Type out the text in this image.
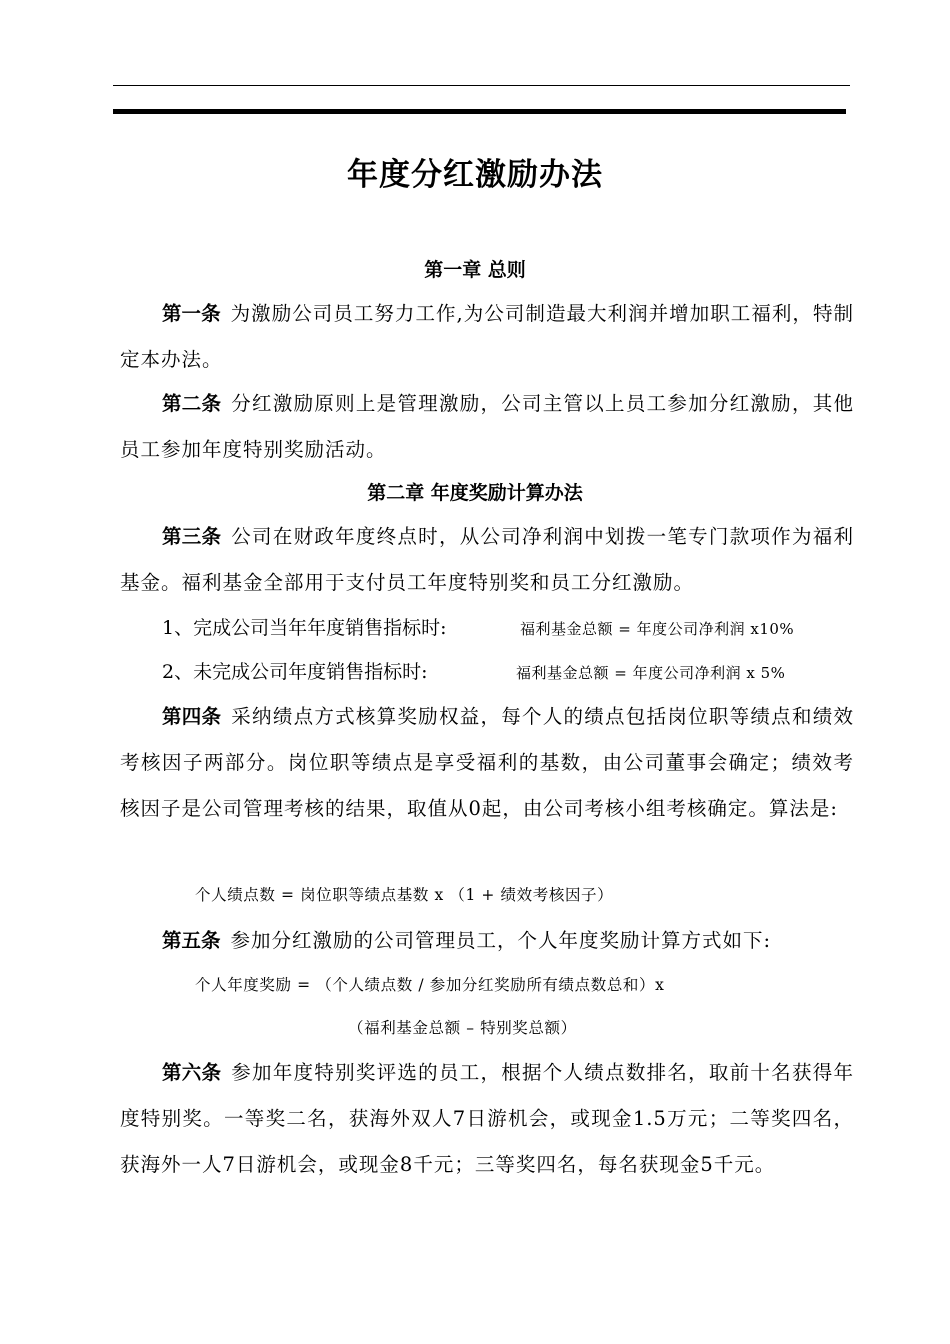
年度分红激励办法
第一章 总则
第一条 为激励公司员工努力工作,为公司制造最大利润并增加职工福利，特制定本办法。
第二条 分红激励原则上是管理激励，公司主管以上员工参加分红激励，其他员工参加年度特别奖励活动。
第二章 年度奖励计算办法
第三条 公司在财政年度终点时，从公司净利润中划拨一笔专门款项作为福利基金。福利基金全部用于支付员工年度特别奖和员工分红激励。
1、完成公司当年年度销售指标时:	福利基金总额 = 年度公司净利润 x10%
2、未完成公司年度销售指标时:	福利基金总额 = 年度公司净利润 x 5%
第四条 采纳绩点方式核算奖励权益，每个人的绩点包括岗位职等绩点和绩效考核因子两部分。岗位职等绩点是享受福利的基数，由公司董事会确定；绩效考核因子是公司管理考核的结果，取值从0起，由公司考核小组考核确定。算法是:
个人绩点数 = 岗位职等绩点基数 x （1 + 绩效考核因子）
第五条 参加分红激励的公司管理员工，个人年度奖励计算方式如下:
个人年度奖励 = （个人绩点数 / 参加分红奖励所有绩点数总和）x
（福利基金总额 – 特别奖总额）
第六条 参加年度特别奖评选的员工，根据个人绩点数排名，取前十名获得年度特别奖。一等奖二名，获海外双人7日游机会，或现金1.5万元；二等奖四名，获海外一人7日游机会，或现金8千元；三等奖四名，每名获现金5千元。
